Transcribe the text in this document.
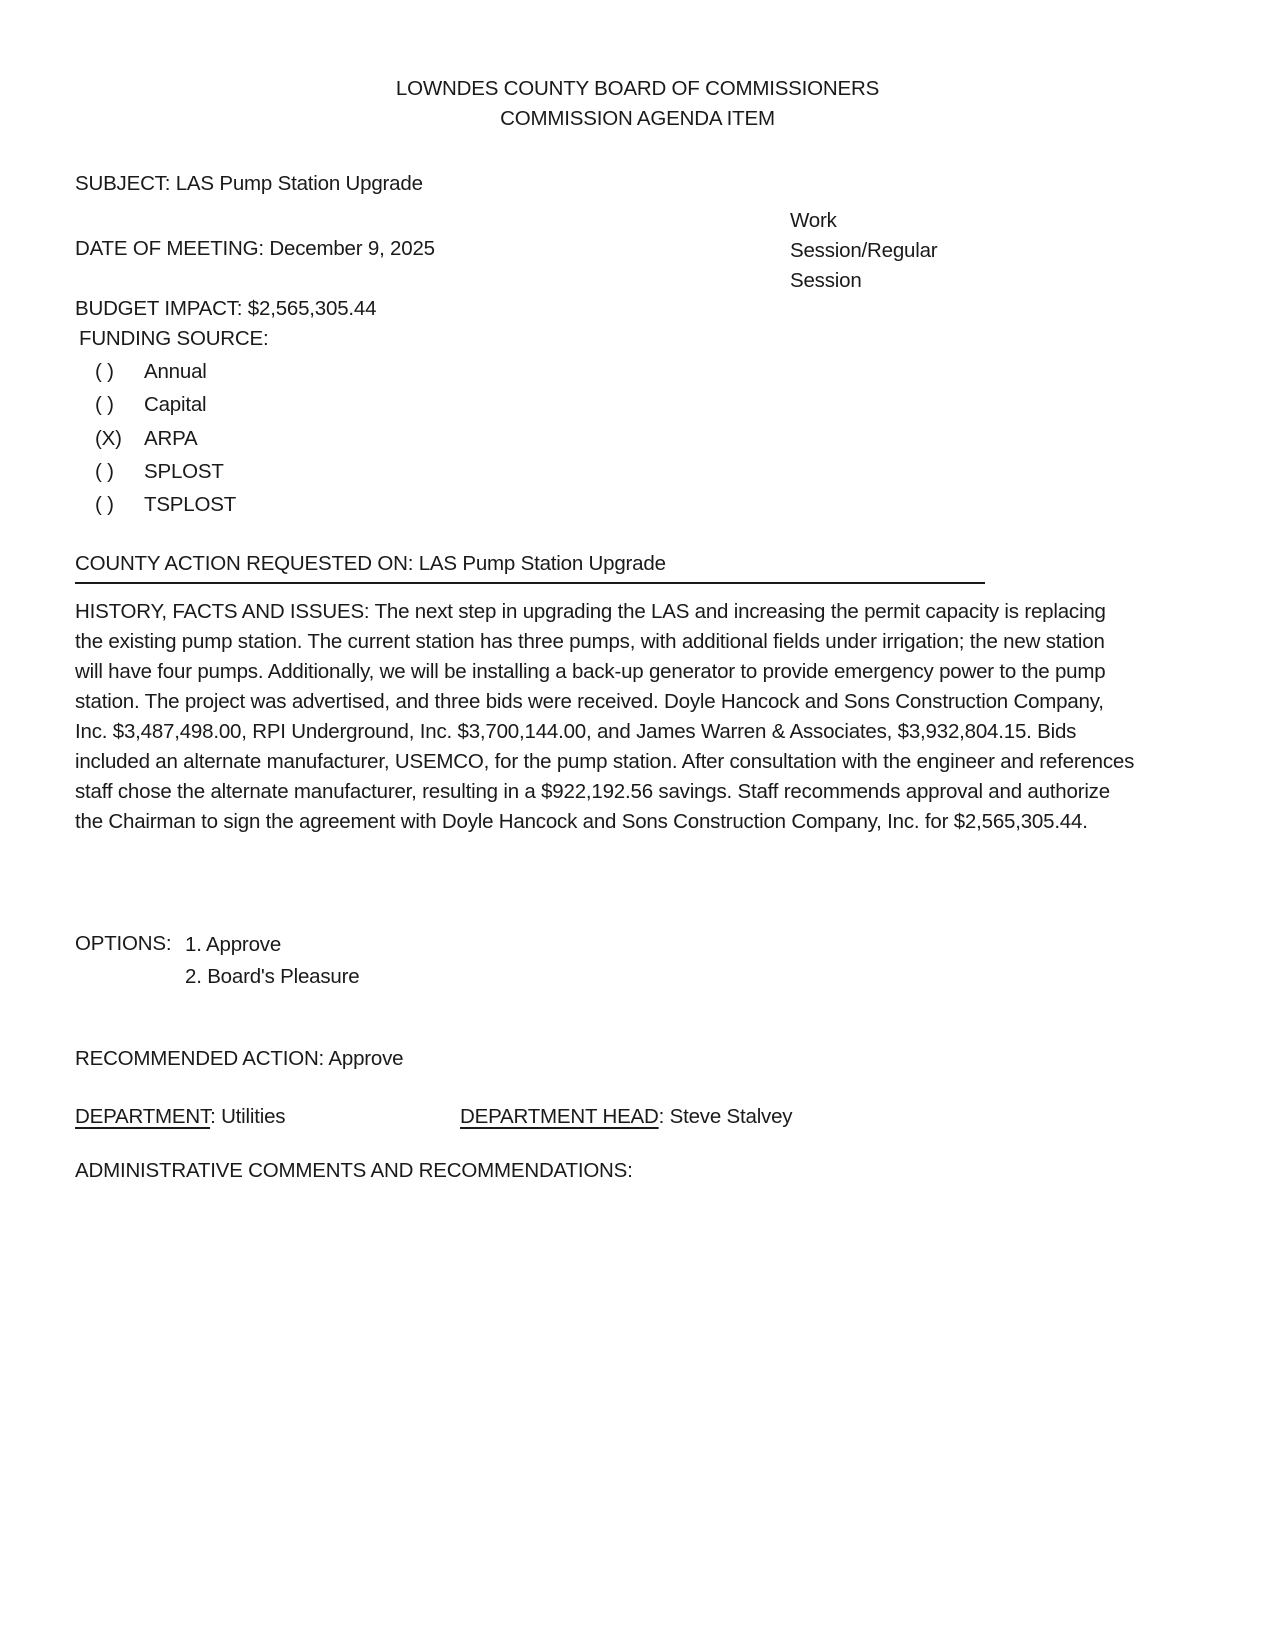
LOWNDES COUNTY BOARD OF COMMISSIONERS
COMMISSION AGENDA ITEM
SUBJECT: LAS Pump Station Upgrade
Work
Session/Regular
Session
DATE OF MEETING: December 9, 2025
BUDGET IMPACT: $2,565,305.44
FUNDING SOURCE:
( ) Annual
( ) Capital
(X) ARPA
( ) SPLOST
( ) TSPLOST
COUNTY ACTION REQUESTED ON: LAS Pump Station Upgrade
HISTORY, FACTS AND ISSUES: The next step in upgrading the LAS and increasing the permit capacity is replacing the existing pump station. The current station has three pumps, with additional fields under irrigation; the new station will have four pumps. Additionally, we will be installing a back-up generator to provide emergency power to the pump station. The project was advertised, and three bids were received. Doyle Hancock and Sons Construction Company, Inc. $3,487,498.00, RPI Underground, Inc. $3,700,144.00, and James Warren & Associates, $3,932,804.15. Bids included an alternate manufacturer, USEMCO, for the pump station. After consultation with the engineer and references staff chose the alternate manufacturer, resulting in a $922,192.56 savings. Staff recommends approval and authorize the Chairman to sign the agreement with Doyle Hancock and Sons Construction Company, Inc. for $2,565,305.44.
OPTIONS: 1. Approve
2. Board's Pleasure
RECOMMENDED ACTION: Approve
DEPARTMENT: Utilities	DEPARTMENT HEAD: Steve Stalvey
ADMINISTRATIVE COMMENTS AND RECOMMENDATIONS:
